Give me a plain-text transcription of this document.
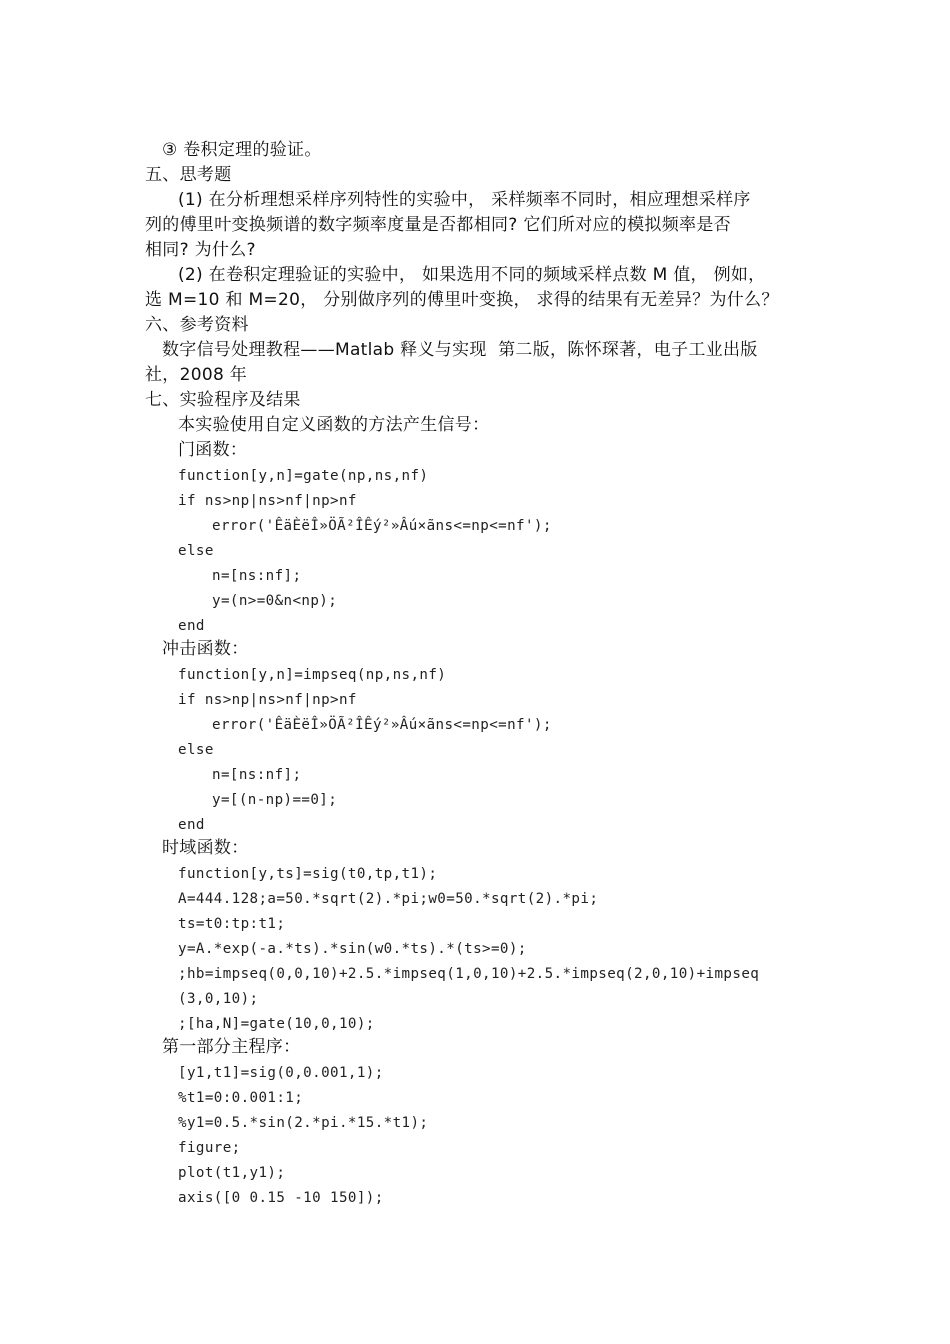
③ 卷积定理的验证。
五、思考题
(1) 在分析理想采样序列特性的实验中， 采样频率不同时，相应理想采样序
列的傅里叶变换频谱的数字频率度量是否都相同? 它们所对应的模拟频率是否
相同? 为什么?
(2) 在卷积定理验证的实验中， 如果选用不同的频域采样点数 M 值， 例如，
选 M=10 和 M=20， 分别做序列的傅里叶变换， 求得的结果有无差异？为什么？
六、参考资料
数字信号处理教程——Matlab 释义与实现  第二版，陈怀琛著，电子工业出版
社，2008 年
七、实验程序及结果
本实验使用自定义函数的方法产生信号：
门函数：
function[y,n]=gate(np,ns,nf)
if ns>np|ns>nf|np>nf
error('ÊäÈëÎ»ÖÃ²ÎÊý²»Âú×ãns<=np<=nf');
else
n=[ns:nf];
y=(n>=0&n<np);
end
冲击函数：
function[y,n]=impseq(np,ns,nf)
if ns>np|ns>nf|np>nf
error('ÊäÈëÎ»ÖÃ²ÎÊý²»Âú×ãns<=np<=nf');
else
n=[ns:nf];
y=[(n-np)==0];
end
时域函数：
function[y,ts]=sig(t0,tp,t1);
A=444.128;a=50.*sqrt(2).*pi;w0=50.*sqrt(2).*pi;
ts=t0:tp:t1;
y=A.*exp(-a.*ts).*sin(w0.*ts).*(ts>=0);
;hb=impseq(0,0,10)+2.5.*impseq(1,0,10)+2.5.*impseq(2,0,10)+impseq
(3,0,10);
;[ha,N]=gate(10,0,10);
第一部分主程序：
[y1,t1]=sig(0,0.001,1);
%t1=0:0.001:1;
%y1=0.5.*sin(2.*pi.*15.*t1);
figure;
plot(t1,y1);
axis([0 0.15 -10 150]);
